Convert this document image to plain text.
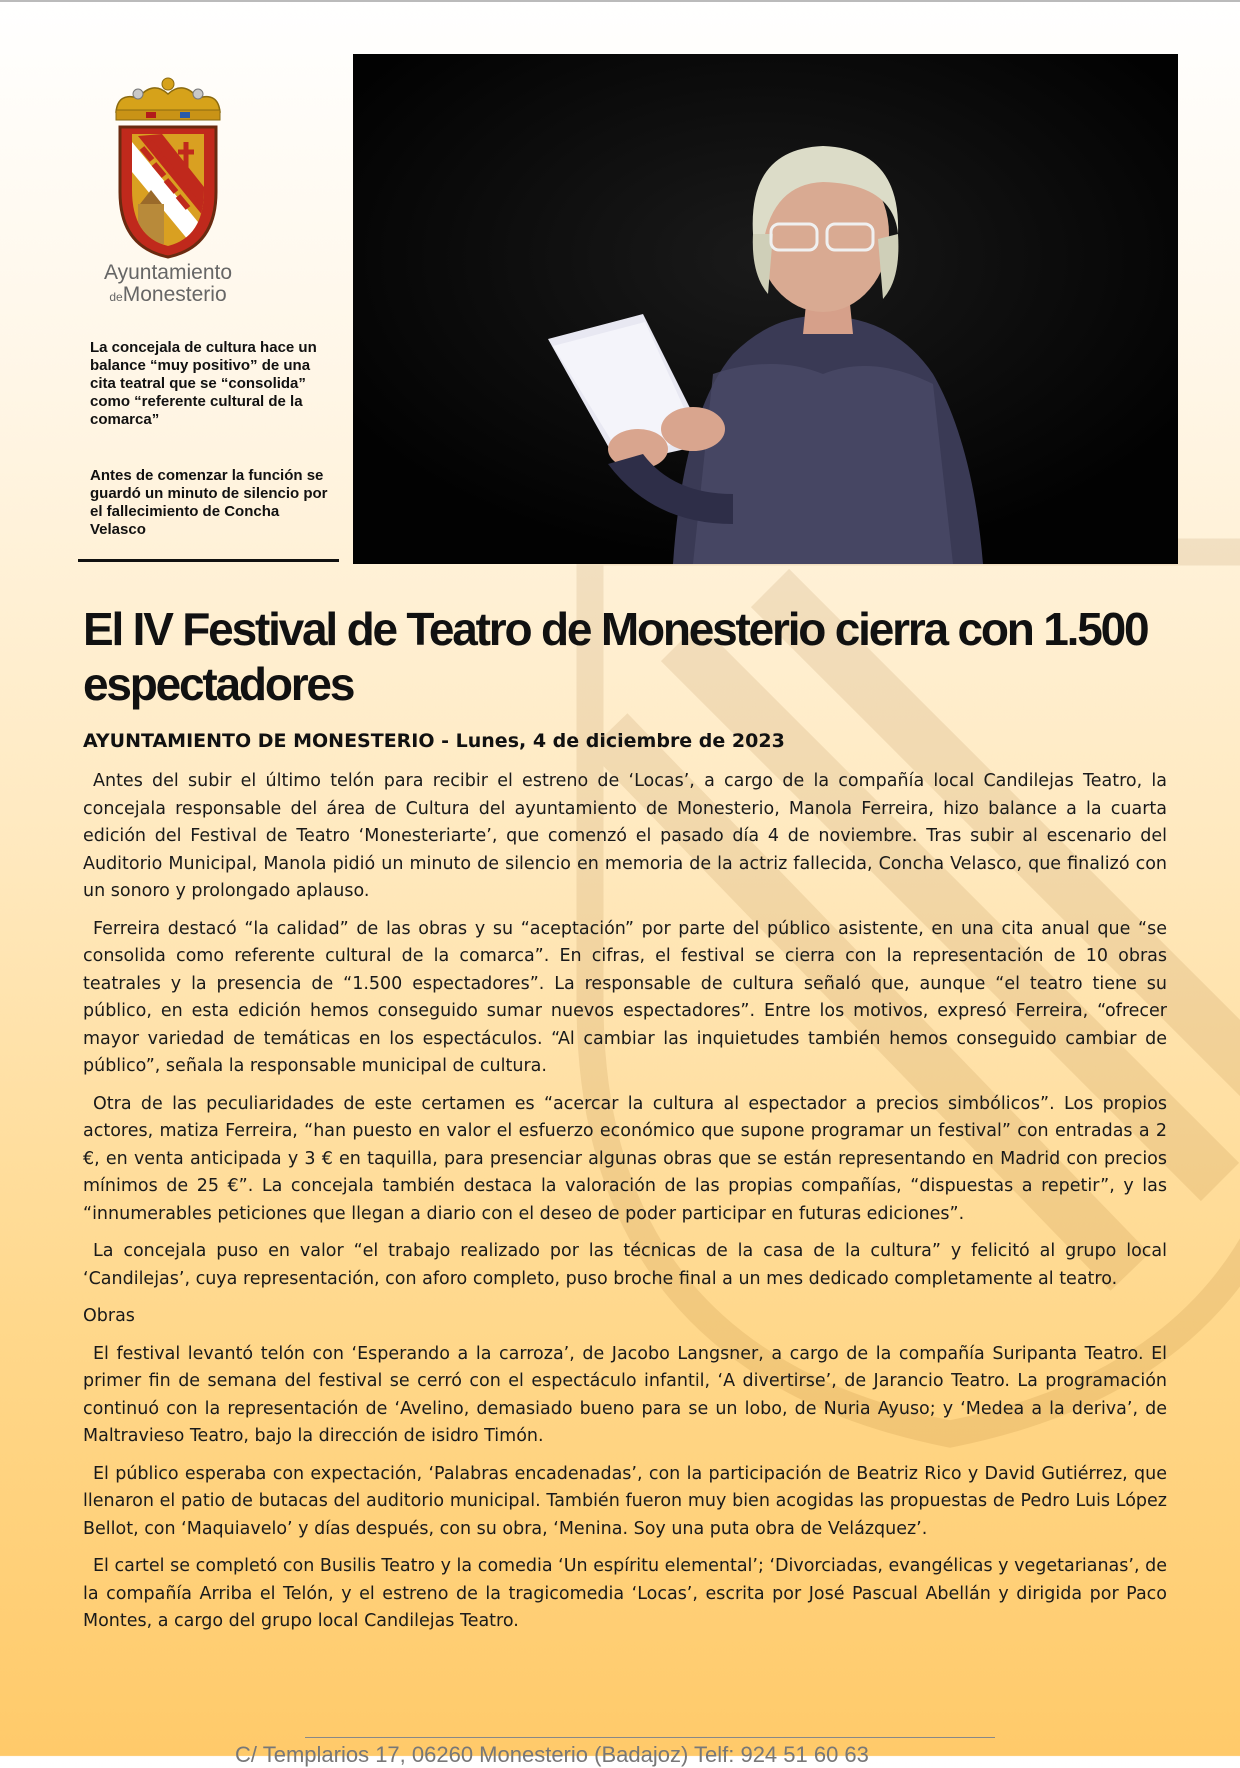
Ayuntamiento
deMonesterio

La concejala de cultura hace un balance “muy positivo” de una cita teatral que se “consolida” como “referente cultural de la comarca”

Antes de comenzar la función se guardó un minuto de silencio por el fallecimiento de Concha Velasco

El IV Festival de Teatro de Monesterio cierra con 1.500 espectadores
AYUNTAMIENTO DE MONESTERIO - Lunes, 4 de diciembre de 2023

Antes del subir el último telón para recibir el estreno de ‘Locas’, a cargo de la compañía local Candilejas Teatro, la concejala responsable del área de Cultura del ayuntamiento de Monesterio, Manola Ferreira, hizo balance a la cuarta edición del Festival de Teatro ‘Monesteriarte’, que comenzó el pasado día 4 de noviembre. Tras subir al escenario del Auditorio Municipal, Manola pidió un minuto de silencio en memoria de la actriz fallecida, Concha Velasco, que finalizó con un sonoro y prolongado aplauso.

Ferreira destacó “la calidad” de las obras y su “aceptación” por parte del público asistente, en una cita anual que “se consolida como referente cultural de la comarca”. En cifras, el festival se cierra con la representación de 10 obras teatrales y la presencia de “1.500 espectadores”. La responsable de cultura señaló que, aunque “el teatro tiene su público, en esta edición hemos conseguido sumar nuevos espectadores”. Entre los motivos, expresó Ferreira, “ofrecer mayor variedad de temáticas en los espectáculos. “Al cambiar las inquietudes también hemos conseguido cambiar de público”, señala la responsable municipal de cultura.

Otra de las peculiaridades de este certamen es “acercar la cultura al espectador a precios simbólicos”. Los propios actores, matiza Ferreira, “han puesto en valor el esfuerzo económico que supone programar un festival” con entradas a 2 €, en venta anticipada y 3 € en taquilla, para presenciar algunas obras que se están representando en Madrid con precios mínimos de 25 €”. La concejala también destaca la valoración de las propias compañías, “dispuestas a repetir”, y las “innumerables peticiones que llegan a diario con el deseo de poder participar en futuras ediciones”.

La concejala puso en valor “el trabajo realizado por las técnicas de la casa de la cultura” y felicitó al grupo local ‘Candilejas’, cuya representación, con aforo completo, puso broche final a un mes dedicado completamente al teatro.

Obras

El festival levantó telón con ‘Esperando a la carroza’, de Jacobo Langsner, a cargo de la compañía Suripanta Teatro. El primer fin de semana del festival se cerró con el espectáculo infantil, ‘A divertirse’, de Jarancio Teatro. La programación continuó con la representación de ‘Avelino, demasiado bueno para se un lobo, de Nuria Ayuso; y ‘Medea a la deriva’, de Maltravieso Teatro, bajo la dirección de isidro Timón.

El público esperaba con expectación, ‘Palabras encadenadas’, con la participación de Beatriz Rico y David Gutiérrez, que llenaron el patio de butacas del auditorio municipal. También fueron muy bien acogidas las propuestas de Pedro Luis López Bellot, con ‘Maquiavelo’ y días después, con su obra, ‘Menina. Soy una puta obra de Velázquez’.

El cartel se completó con Busilis Teatro y la comedia ‘Un espíritu elemental’; ‘Divorciadas, evangélicas y vegetarianas’, de la compañía Arriba el Telón, y el estreno de la tragicomedia ‘Locas’, escrita por José Pascual Abellán y dirigida por Paco Montes, a cargo del grupo local Candilejas Teatro.

C/ Templarios 17, 06260 Monesterio (Badajoz) Telf: 924 51 60 63
